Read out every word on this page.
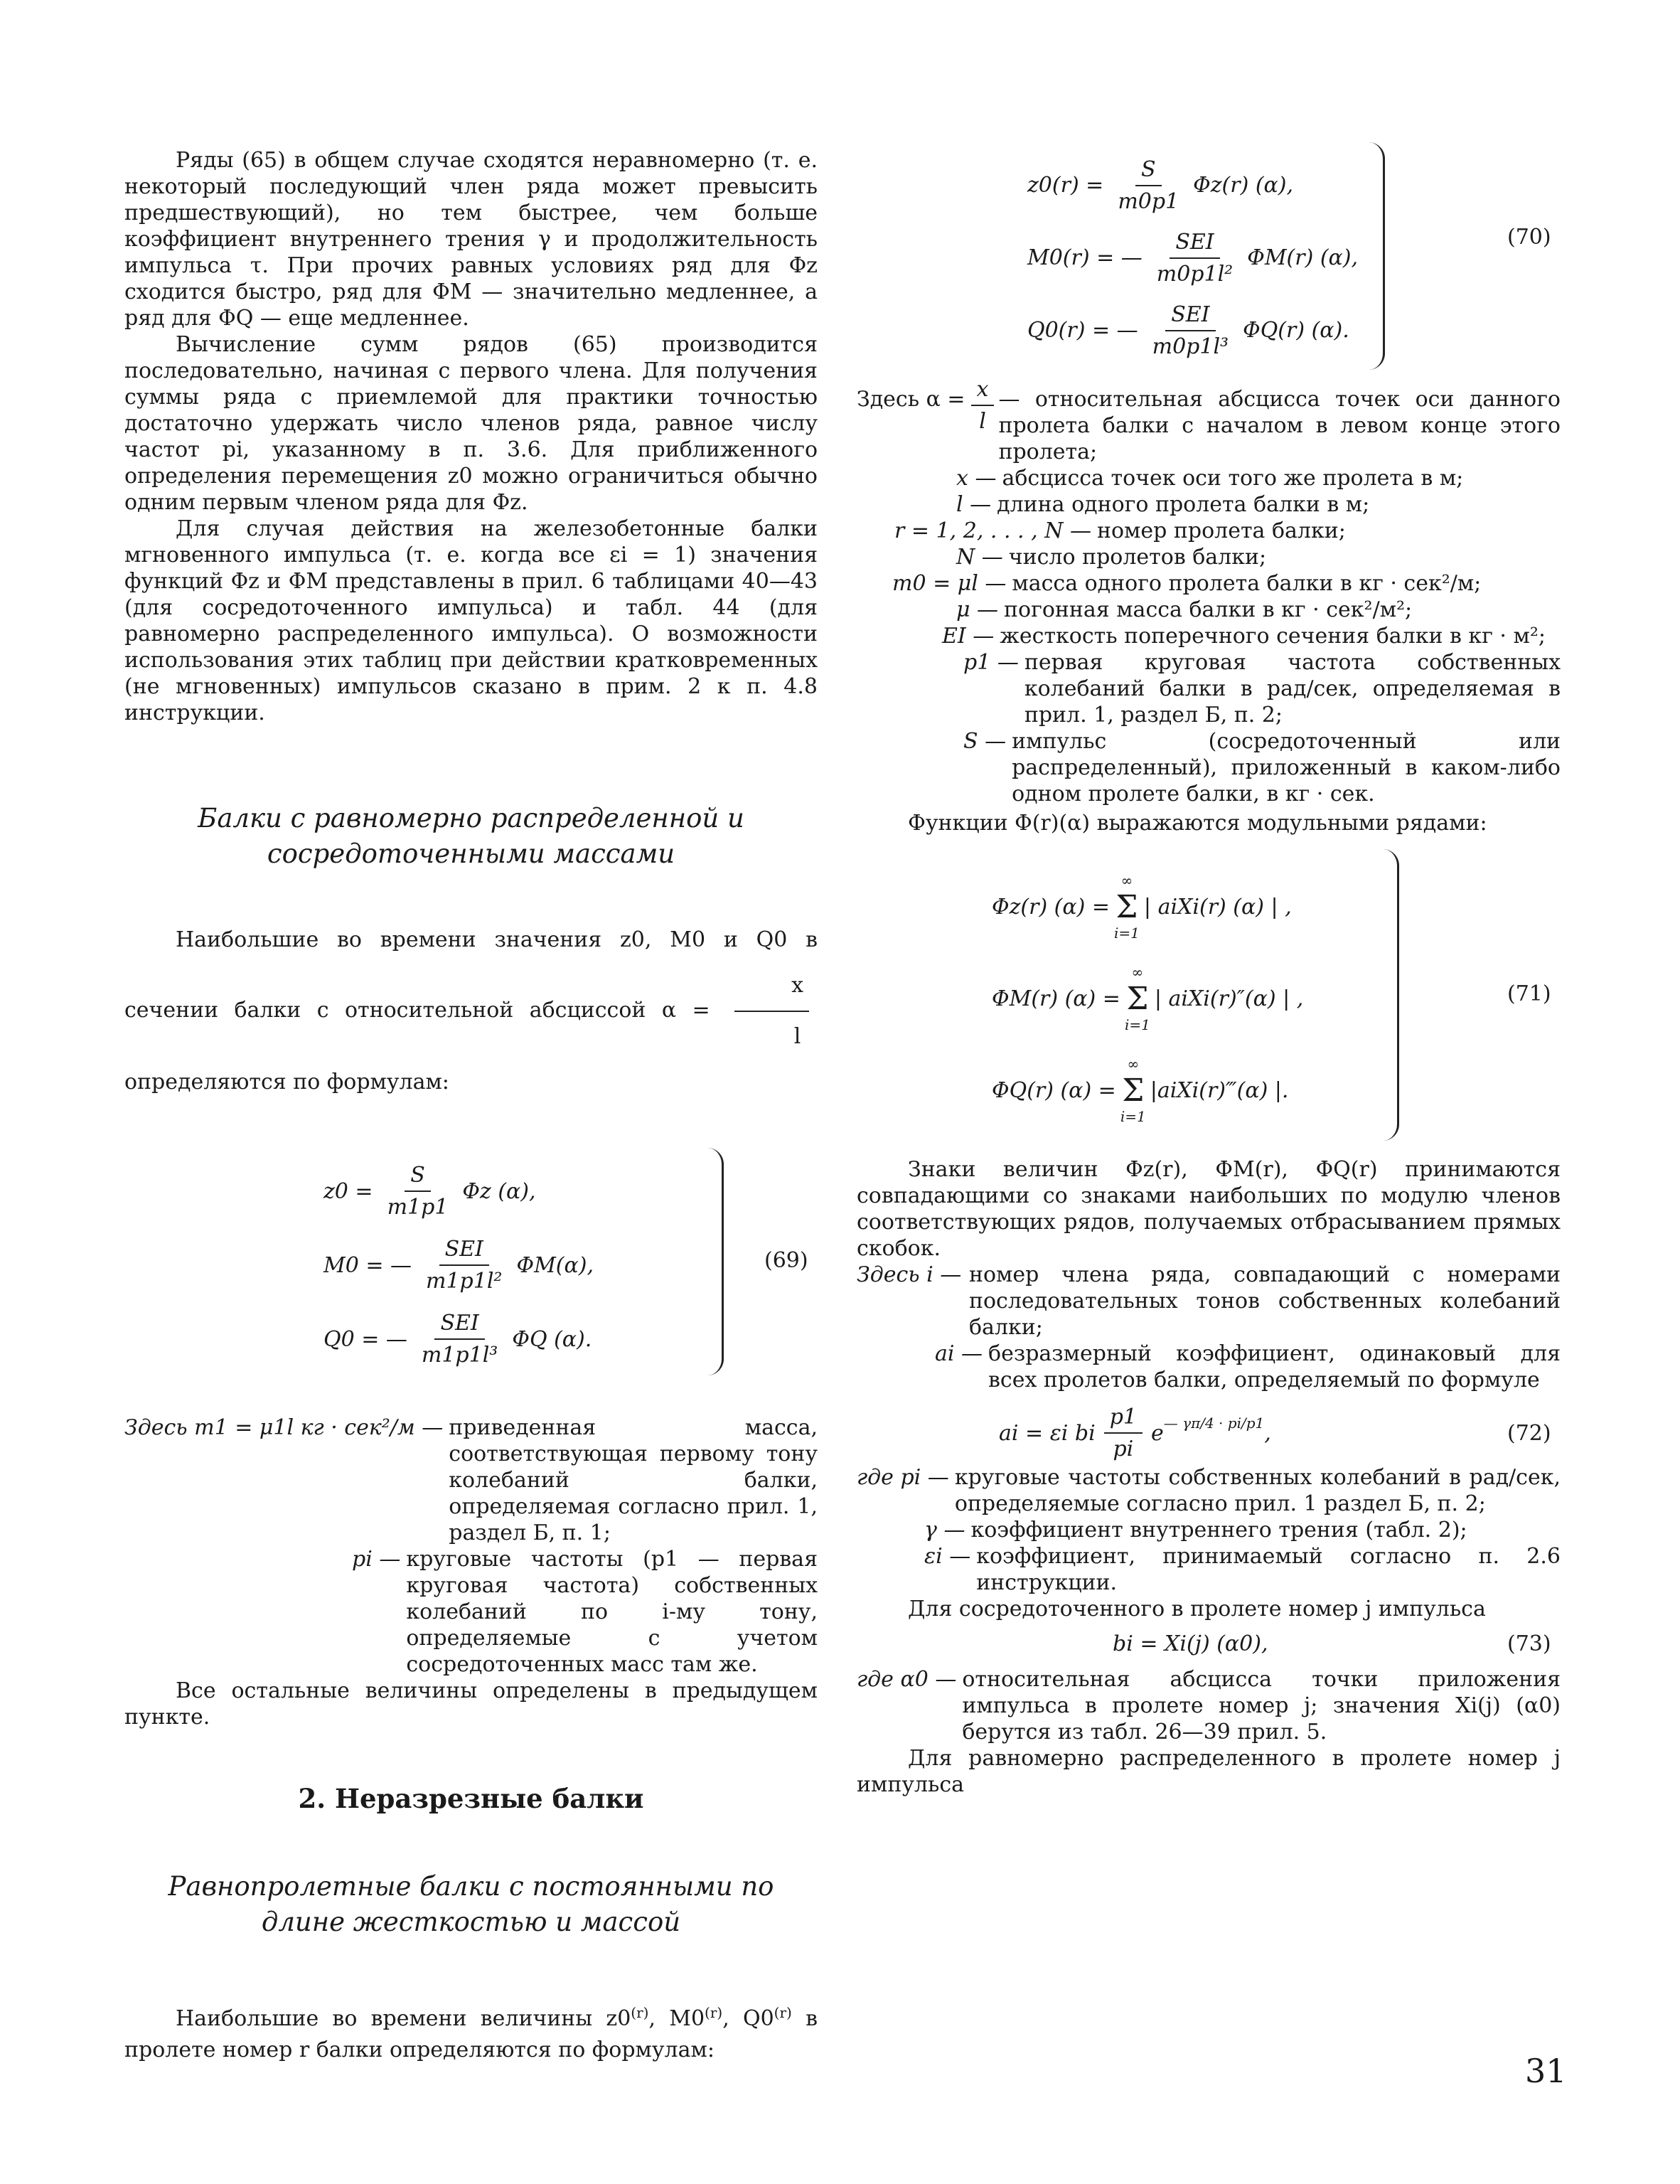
Ряды (65) в общем случае сходятся неравномерно (т. е. некоторый последующий член ряда может превысить предшествующий), но тем быстрее, чем больше коэффициент внутреннего трения γ и продолжительность импульса τ. При прочих равных условиях ряд для Φz сходится быстро, ряд для ΦM — значительно медленнее, а ряд для ΦQ — еще медленнее.

Вычисление сумм рядов (65) производится последовательно, начиная с первого члена. Для получения суммы ряда с приемлемой для практики точностью достаточно удержать число членов ряда, равное числу частот pi, указанному в п. 3.6. Для приближенного определения перемещения z0 можно ограничиться обычно одним первым членом ряда для Φz.

Для случая действия на железобетонные балки мгновенного импульса (т. е. когда все εi = 1) значения функций Φz и ΦM представлены в прил. 6 таблицами 40—43 (для сосредоточенного импульса) и табл. 44 (для равномерно распределенного импульса). О возможности использования этих таблиц при действии кратковременных (не мгновенных) импульсов сказано в прим. 2 к п. 4.8 инструкции.

Балки с равномерно распределенной и сосредоточенными массами

Наибольшие во времени значения z0, M0 и Q0 в сечении балки с относительной абсциссой $\alpha = \frac{x}{l}$
определяются по формулам:

$z0 = \frac{S}{m1p1}$ Φz (α),
M0 = — $\frac{\text{SEI}}{\text{m1p1l²}} \Phi M(\alpha)$,
Q0 = — $\frac{\text{SEI}}{\text{m1p1l³}}$ ΦQ (α).
(69)
Здесь m1 = μ1l кг · сек²/м — приведенная масса, соответствующая первому тону колебаний балки, определяемая согласно прил. 1, раздел Б, п. 1;
pi — круговые частоты (p1 — первая круговая частота) собственных колебаний по i-му тону, определяемые с учетом сосредоточенных масс там же.

Все остальные величины определены в предыдущем пункте.

2. Неразрезные балки

Равнопролетные балки с постоянными по длине жесткостью и массой

Наибольшие во времени величины z0$^{(r)}$, M0$^{(r)}$, Q0$^{(r)}$ в пролете номер r балки определяются по формулам:

$z0(r) = \frac{S}{m0p1} \Phi z(r)$ (α),
M0(r) = — $\frac{\text{SEI}}{\text{m0p1l²}} \Phi M(r)$ (α),
Q0(r) = — $\frac{\text{SEI}}{\text{m0p1l³}} \Phi Q(r)$ (α).
(70)
Здесь $\alpha = \frac{x}{l}$ — относительная абсцисса точек оси данного пролета балки с началом в левом конце этого пролета;
x — абсцисса точек оси того же пролета в м;
l — длина одного пролета балки в м;
r = 1, 2, . . . , N — номер пролета балки;
N — число пролетов балки;
m0 = μl — масса одного пролета балки в кг · сек²/м;
μ — погонная масса балки в кг · сек²/м²;
EI — жесткость поперечного сечения балки в кг · м²;
p1 — первая круговая частота собственных колебаний балки в рад/сек, определяемая в прил. 1, раздел Б, п. 2;
S — импульс (сосредоточенный или распределенный), приложенный в каком-либо одном пролете балки, в кг · сек.

Функции Φ(r)(α) выражаются модульными рядами:

Φz(r) (α) =
∞
Σ
i=1
| aiXi(r) (α) | ,
ΦM(r) (α) =
∞
Σ
i=1
| aiXi(r)″(α) | ,
ΦQ(r) (α) =
∞
Σ
i=1
|aiXi(r)‴(α) |.
(71)

Знаки величин Φz(r), ΦM(r), ΦQ(r) принимаются совпадающими со знаками наибольших по модулю членов соответствующих рядов, получаемых отбрасыванием прямых скобок.

Здесь i — номер члена ряда, совпадающий с номерами последовательных тонов собственных колебаний балки;
ai — безразмерный коэффициент, одинаковый для всех пролетов балки, определяемый по формуле
ai = εi bi $\frac{p1}{pi} e^{— \gamma\pi/4 \cdot pi/p1}$ ,	(72)
где pi — круговые частоты собственных колебаний в рад/сек, определяемые согласно прил. 1 раздел Б, п. 2;
γ — коэффициент внутреннего трения (табл. 2);
εi — коэффициент, принимаемый согласно п. 2.6 инструкции.

Для сосредоточенного в пролете номер j импульса

bi = Xi(j) (α0),	(73)
где α0 — относительная абсцисса точки приложения импульса в пролете номер j; значения Xi(j) (α0) берутся из табл. 26—39 прил. 5.

Для равномерно распределенного в пролете номер j импульса

31
